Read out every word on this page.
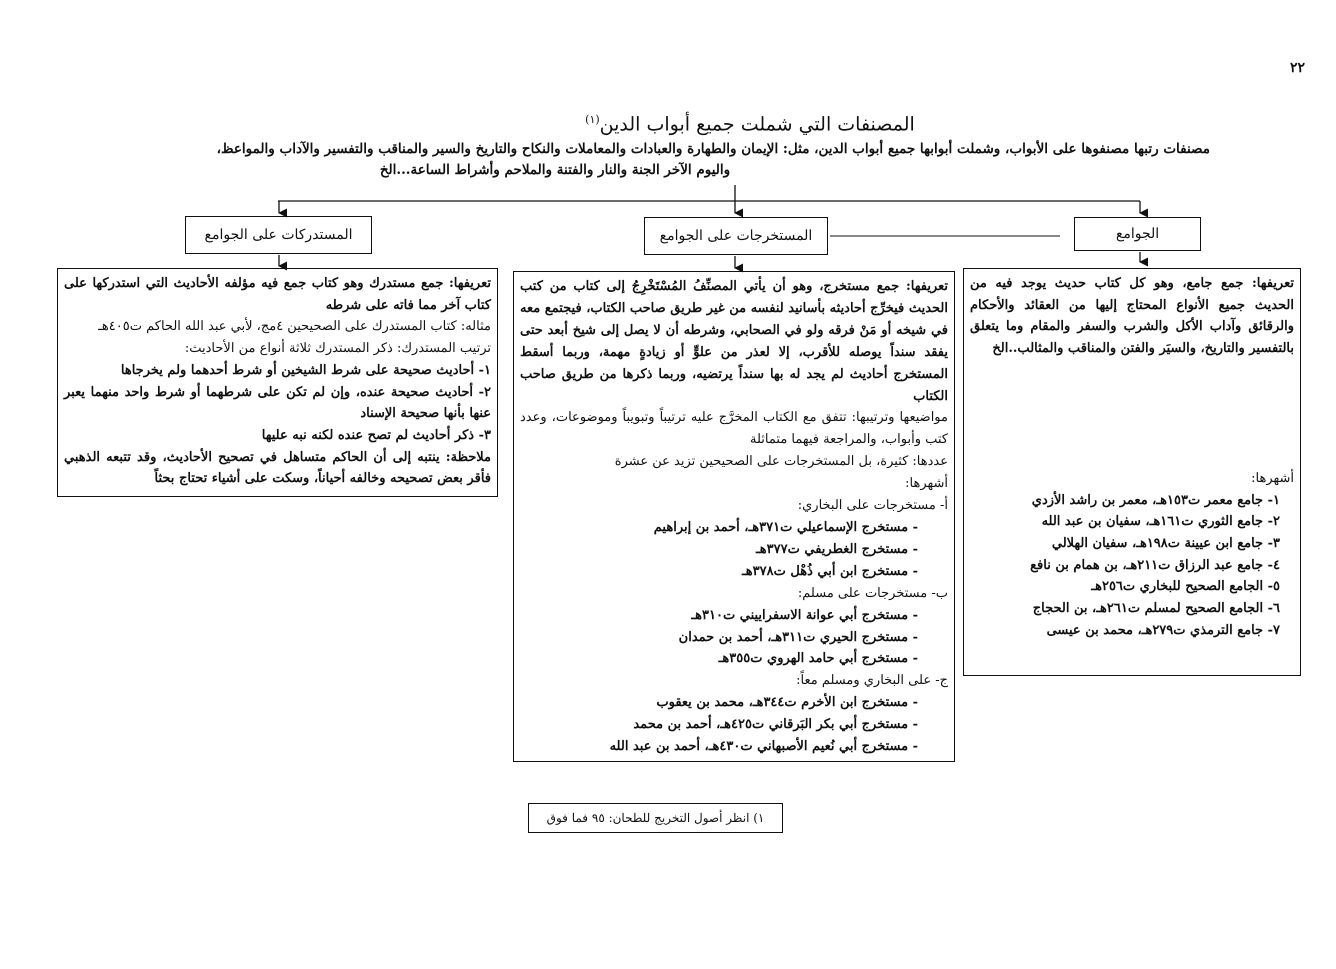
٢٢
المصنفات التي شملت جميع أبواب الدين$^{(١)}$
مصنفات رتبها مصنفوها على الأبواب، وشملت أبوابها جميع أبواب الدين، مثل: الإيمان والطهارة والعبادات والمعاملات والنكاح والتاريخ والسير والمناقب والتفسير والآداب والمواعظ،
واليوم الآخر الجنة والنار والفتنة والملاحم وأشراط الساعة...الخ
المستدركات على الجوامع	المستخرجات على الجوامع	الجوامع

تعريفها: جمع جامع، وهو كل كتاب حديث يوجد فيه من الحديث جميع الأنواع المحتاج إليها من العقائد والأحكام والرقائق وآداب الأكل والشرب والسفر والمقام وما يتعلق بالتفسير والتاريخ، والسيَر والفتن والمناقب والمثالب..الخ

أشهرها:

١- جامع معمر ت١٥٣هـ، معمر بن راشد الأزدي

٢- جامع الثوري ت١٦١هـ، سفيان بن عبد الله

٣- جامع ابن عيينة ت١٩٨هـ، سفيان الهلالي

٤- جامع عبد الرزاق ت٢١١هـ، بن همام بن نافع

٥- الجامع الصحيح للبخاري ت٢٥٦هـ

٦- الجامع الصحيح لمسلم ت٢٦١هـ، بن الحجاج

٧- جامع الترمذي ت٢٧٩هـ، محمد بن عيسى

تعريفها: جمع مستخرج، وهو أن يأتي المصنِّفُ المُسْتَخْرِجُ إلى كتاب من كتب الحديث فيخرِّج أحاديثه بأسانيد لنفسه من غير طريق صاحب الكتاب، فيجتمع معه في شيخه أو مَنْ فرقه ولو في الصحابي، وشرطه أن لا يصل إلى شيخ أبعد حتى يفقد سنداً يوصله للأقرب، إلا لعذر من علوٍّ أو زيادةٍ مهمة، وربما أسقط المستخرج أحاديث لم يجد له بها سنداً يرتضيه، وربما ذكرها من طريق صاحب الكتاب

مواضيعها وترتيبها: تتفق مع الكتاب المخرَّج عليه ترتيباً وتبويباً وموضوعات، وعدد كتب وأبواب، والمراجعة فيهما متماثلة

عددها: كثيرة، بل المستخرجات على الصحيحين تزيد عن عشرة

أشهرها:

أ- مستخرجات على البخاري:

- مستخرج الإسماعيلي ت٣٧١هـ، أحمد بن إبراهيم

- مستخرج الغطريفي ت٣٧٧هـ

- مستخرج ابن أبي ذُهْل ت٣٧٨هـ

ب- مستخرجات على مسلم:

- مستخرج أبي عوانة الاسفراييني ت٣١٠هـ

- مستخرج الحيري ت٣١١هـ، أحمد بن حمدان

- مستخرج أبي حامد الهروي ت٣٥٥هـ

ج- على البخاري ومسلم معاً:

- مستخرج ابن الأخرم ت٣٤٤هـ، محمد بن يعقوب

- مستخرج أبي بكر البَرقاني ت٤٢٥هـ، أحمد بن محمد

- مستخرج أبي نُعيم الأصبهاني ت٤٣٠هـ، أحمد بن عبد الله

تعريفها: جمع مستدرك وهو كتاب جمع فيه مؤلفه الأحاديث التي استدركها على كتاب آخر مما فاته على شرطه

مثاله: كتاب المستدرك على الصحيحين ٤مج، لأبي عبد الله الحاكم ت٤٠٥هـ

ترتيب المستدرك: ذكر المستدرك ثلاثة أنواع من الأحاديث:

١- أحاديث صحيحة على شرط الشيخين أو شرط أحدهما ولم يخرجاها

٢- أحاديث صحيحة عنده، وإن لم تكن على شرطهما أو شرط واحد منهما يعبر عنها بأنها صحيحة الإسناد

٣- ذكر أحاديث لم تصح عنده لكنه نبه عليها

ملاحظة: ينتبه إلى أن الحاكم متساهل في تصحيح الأحاديث، وقد تتبعه الذهبي فأقر بعض تصحيحه وخالفه أحياناً، وسكت على أشياء تحتاج بحثاً

١) انظر أصول التخريج للطحان: ٩٥ فما فوق
